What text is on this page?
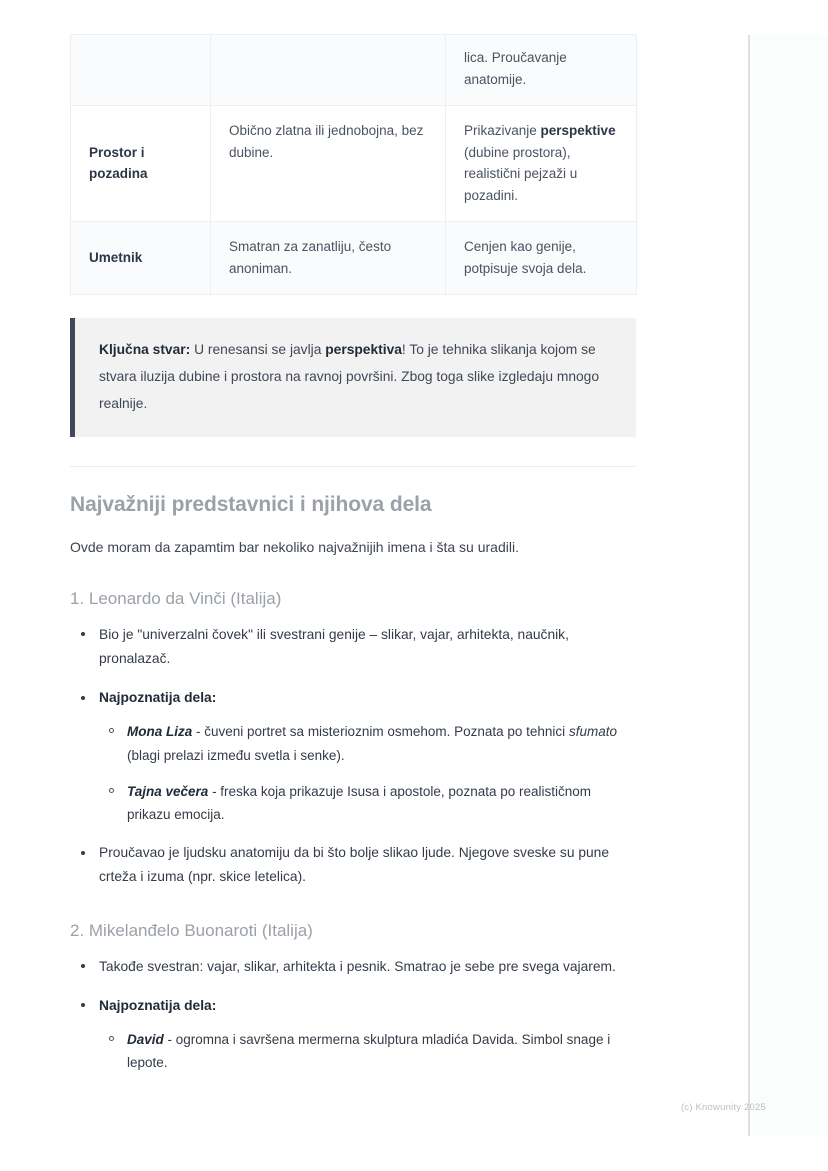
		lica. Proučavanje anatomije.
Prostor i pozadina	Obično zlatna ili jednobojna, bez dubine.	Prikazivanje perspektive (dubine prostora), realistični pejzaži u pozadini.
Umetnik	Smatran za zanatliju, često anoniman.	Cenjen kao genije, potpisuje svoja dela.
Ključna stvar: U renesansi se javlja perspektiva! To je tehnika slikanja kojom se stvara iluzija dubine i prostora na ravnoj površini. Zbog toga slike izgledaju mnogo realnije.
Najvažniji predstavnici i njihova dela

Ovde moram da zapamtim bar nekoliko najvažnijih imena i šta su uradili.

1. Leonardo da Vinči (Italija)
Bio je "univerzalni čovek" ili svestrani genije – slikar, vajar, arhitekta, naučnik, pronalazač.
Najpoznatija dela:
Mona Liza - čuveni portret sa misterioznim osmehom. Poznata po tehnici sfumato (blagi prelazi između svetla i senke).
Tajna večera - freska koja prikazuje Isusa i apostole, poznata po realističnom prikazu emocija.
Proučavao je ljudsku anatomiju da bi što bolje slikao ljude. Njegove sveske su pune crteža i izuma (npr. skice letelica).
2. Mikelanđelo Buonaroti (Italija)
Takođe svestran: vajar, slikar, arhitekta i pesnik. Smatrao je sebe pre svega vajarem.
Najpoznatija dela:
David - ogromna i savršena mermerna skulptura mladića Davida. Simbol snage i lepote.
(c) Knowunity 2025
